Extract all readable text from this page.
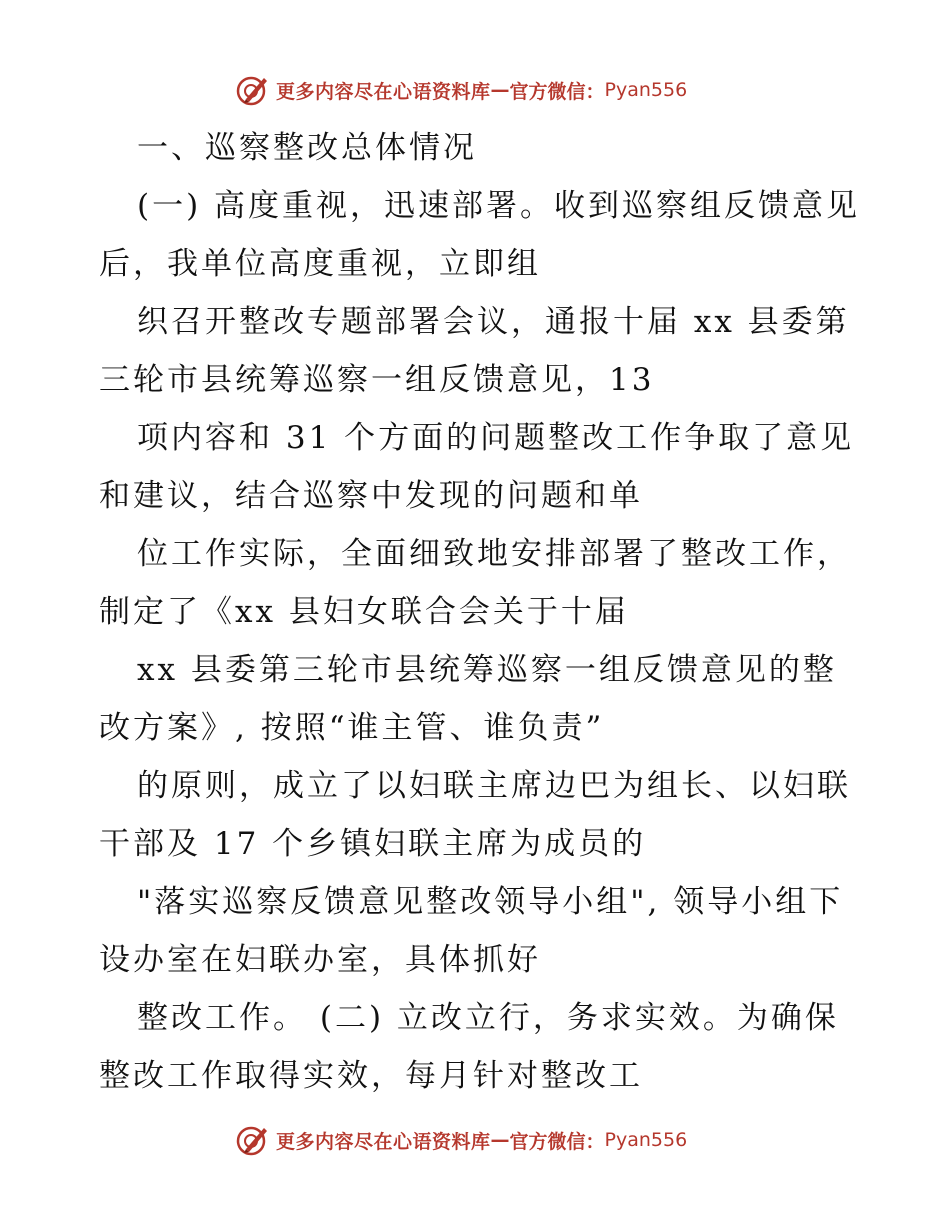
更多内容尽在心语资料库 — 官方微信： Pyan556
一、巡察整改总体情况
(一) 高度重视，迅速部署。收到巡察组反馈意见
后，我单位高度重视，立即组
织召开整改专题部署会议，通报十届 xx 县委第
三轮市县统筹巡察一组反馈意见，13
项内容和 31 个方面的问题整改工作争取了意见
和建议，结合巡察中发现的问题和单
位工作实际，全面细致地安排部署了整改工作，
制定了《xx 县妇女联合会关于十届
xx 县委第三轮市县统筹巡察一组反馈意见的整
改方案》, 按照“谁主管、谁负责”
的原则，成立了以妇联主席边巴为组长、以妇联
干部及 17 个乡镇妇联主席为成员的
"落实巡察反馈意见整改领导小组", 领导小组下
设办室在妇联办室，具体抓好
整改工作。 (二) 立改立行，务求实效。为确保
整改工作取得实效，每月针对整改工
更多内容尽在心语资料库 — 官方微信： Pyan556
